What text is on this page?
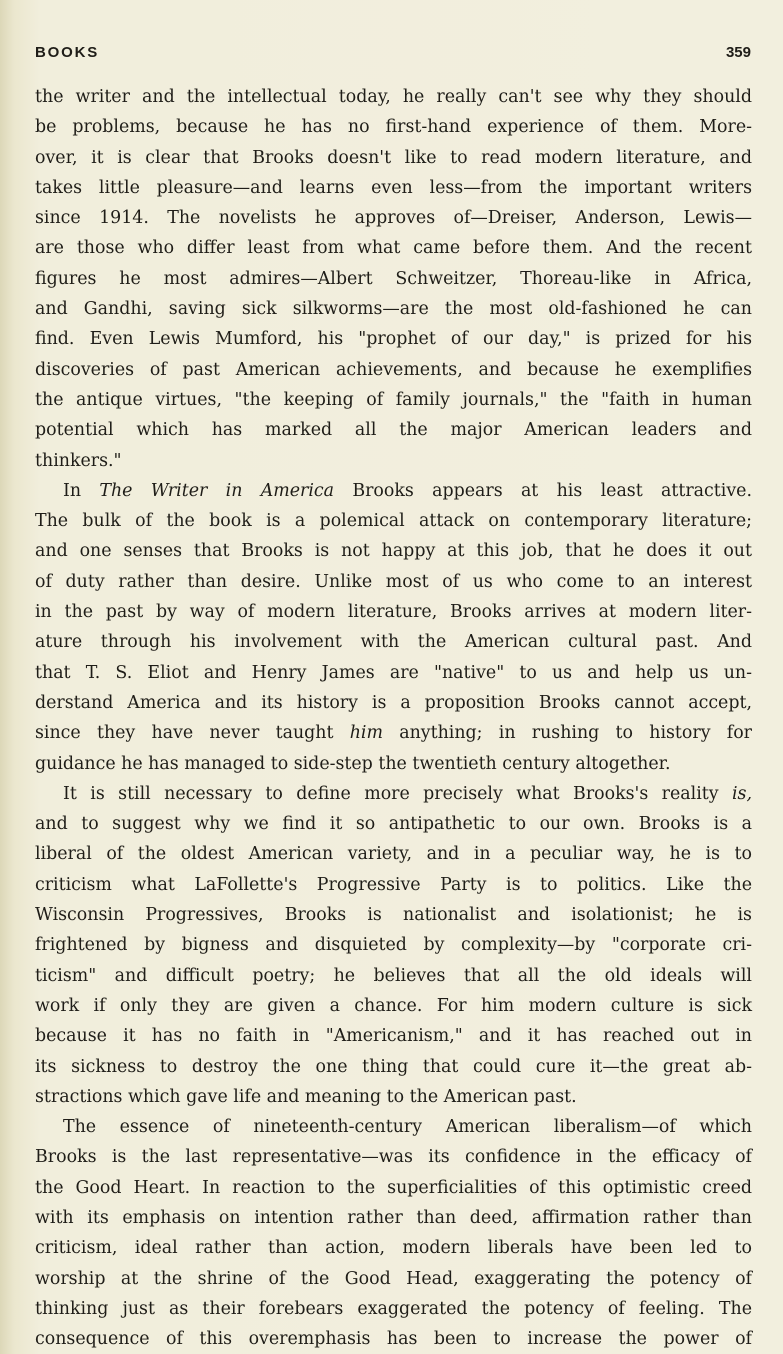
BOOKS	359
the writer and the intellectual today, he really can't see why they should
be problems, because he has no first-hand experience of them. More-
over, it is clear that Brooks doesn't like to read modern literature, and
takes little pleasure—and learns even less—from the important writers
since 1914. The novelists he approves of—Dreiser, Anderson, Lewis—
are those who differ least from what came before them. And the recent
figures he most admires—Albert Schweitzer, Thoreau-like in Africa,
and Gandhi, saving sick silkworms—are the most old-fashioned he can
find. Even Lewis Mumford, his "prophet of our day," is prized for his
discoveries of past American achievements, and because he exemplifies
the antique virtues, "the keeping of family journals," the "faith in human
potential which has marked all the major American leaders and
thinkers."
In The Writer in America Brooks appears at his least attractive.
The bulk of the book is a polemical attack on contemporary literature;
and one senses that Brooks is not happy at this job, that he does it out
of duty rather than desire. Unlike most of us who come to an interest
in the past by way of modern literature, Brooks arrives at modern liter-
ature through his involvement with the American cultural past. And
that T. S. Eliot and Henry James are "native" to us and help us un-
derstand America and its history is a proposition Brooks cannot accept,
since they have never taught him anything; in rushing to history for
guidance he has managed to side-step the twentieth century altogether.
It is still necessary to define more precisely what Brooks's reality is,
and to suggest why we find it so antipathetic to our own. Brooks is a
liberal of the oldest American variety, and in a peculiar way, he is to
criticism what LaFollette's Progressive Party is to politics. Like the
Wisconsin Progressives, Brooks is nationalist and isolationist; he is
frightened by bigness and disquieted by complexity—by "corporate cri-
ticism" and difficult poetry; he believes that all the old ideals will
work if only they are given a chance. For him modern culture is sick
because it has no faith in "Americanism," and it has reached out in
its sickness to destroy the one thing that could cure it—the great ab-
stractions which gave life and meaning to the American past.
The essence of nineteenth-century American liberalism—of which
Brooks is the last representative—was its confidence in the efficacy of
the Good Heart. In reaction to the superficialities of this optimistic creed
with its emphasis on intention rather than deed, affirmation rather than
criticism, ideal rather than action, modern liberals have been led to
worship at the shrine of the Good Head, exaggerating the potency of
thinking just as their forebears exaggerated the potency of feeling. The
consequence of this overemphasis has been to increase the power of
